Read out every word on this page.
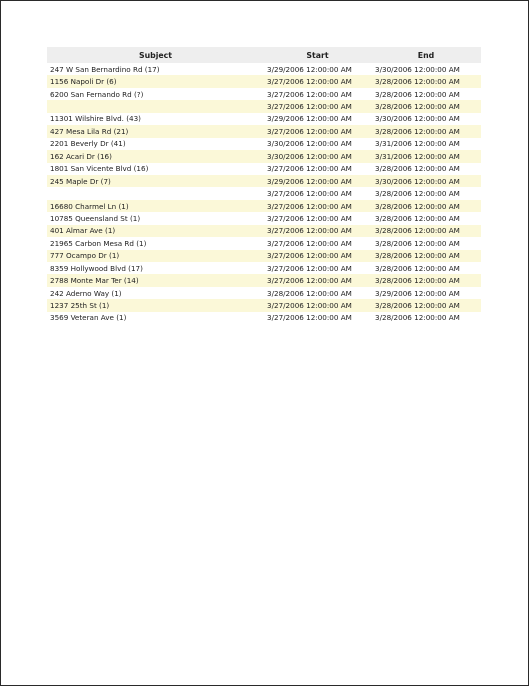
Subject	Start	End
247 W San Bernardino Rd (17)	3/29/2006 12:00:00 AM	3/30/2006 12:00:00 AM
1156 Napoli Dr (6)	3/27/2006 12:00:00 AM	3/28/2006 12:00:00 AM
6200 San Fernando Rd (?)	3/27/2006 12:00:00 AM	3/28/2006 12:00:00 AM
	3/27/2006 12:00:00 AM	3/28/2006 12:00:00 AM
11301 Wilshire Blvd. (43)	3/29/2006 12:00:00 AM	3/30/2006 12:00:00 AM
427 Mesa Lila Rd (21)	3/27/2006 12:00:00 AM	3/28/2006 12:00:00 AM
2201 Beverly Dr (41)	3/30/2006 12:00:00 AM	3/31/2006 12:00:00 AM
162 Acari Dr (16)	3/30/2006 12:00:00 AM	3/31/2006 12:00:00 AM
1801 San Vicente Blvd (16)	3/27/2006 12:00:00 AM	3/28/2006 12:00:00 AM
245 Maple Dr (7)	3/29/2006 12:00:00 AM	3/30/2006 12:00:00 AM
	3/27/2006 12:00:00 AM	3/28/2006 12:00:00 AM
16680 Charmel Ln (1)	3/27/2006 12:00:00 AM	3/28/2006 12:00:00 AM
10785 Queensland St (1)	3/27/2006 12:00:00 AM	3/28/2006 12:00:00 AM
401 Almar Ave (1)	3/27/2006 12:00:00 AM	3/28/2006 12:00:00 AM
21965 Carbon Mesa Rd (1)	3/27/2006 12:00:00 AM	3/28/2006 12:00:00 AM
777 Ocampo Dr (1)	3/27/2006 12:00:00 AM	3/28/2006 12:00:00 AM
8359 Hollywood Blvd (17)	3/27/2006 12:00:00 AM	3/28/2006 12:00:00 AM
2788 Monte Mar Ter (14)	3/27/2006 12:00:00 AM	3/28/2006 12:00:00 AM
242 Aderno Way (1)	3/28/2006 12:00:00 AM	3/29/2006 12:00:00 AM
1237 25th St (1)	3/27/2006 12:00:00 AM	3/28/2006 12:00:00 AM
3569 Veteran Ave (1)	3/27/2006 12:00:00 AM	3/28/2006 12:00:00 AM
